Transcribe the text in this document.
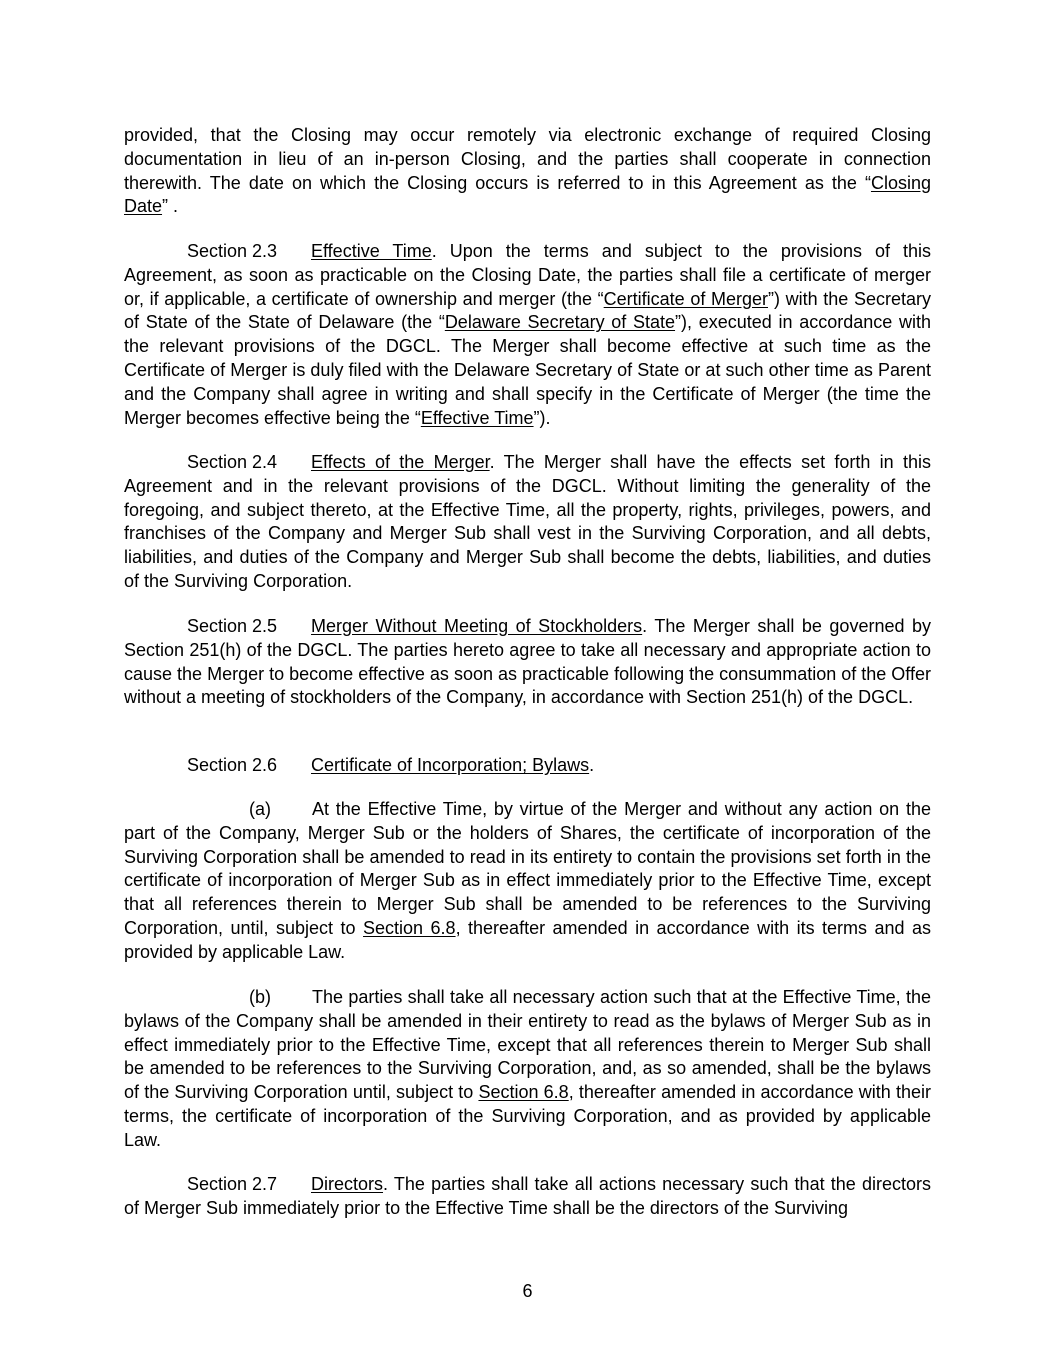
provided, that the Closing may occur remotely via electronic exchange of required Closing documentation in lieu of an in-person Closing, and the parties shall cooperate in connection therewith. The date on which the Closing occurs is referred to in this Agreement as the “Closing Date” .

Section 2.3 Effective Time. Upon the terms and subject to the provisions of this Agreement, as soon as practicable on the Closing Date, the parties shall file a certificate of merger or, if applicable, a certificate of ownership and merger (the “Certificate of Merger”) with the Secretary of State of the State of Delaware (the “Delaware Secretary of State”), executed in accordance with the relevant provisions of the DGCL. The Merger shall become effective at such time as the Certificate of Merger is duly filed with the Delaware Secretary of State or at such other time as Parent and the Company shall agree in writing and shall specify in the Certificate of Merger (the time the Merger becomes effective being the “Effective Time”).

Section 2.4 Effects of the Merger. The Merger shall have the effects set forth in this Agreement and in the relevant provisions of the DGCL. Without limiting the generality of the foregoing, and subject thereto, at the Effective Time, all the property, rights, privileges, powers, and franchises of the Company and Merger Sub shall vest in the Surviving Corporation, and all debts, liabilities, and duties of the Company and Merger Sub shall become the debts, liabilities, and duties of the Surviving Corporation.

Section 2.5 Merger Without Meeting of Stockholders. The Merger shall be governed by Section 251(h) of the DGCL. The parties hereto agree to take all necessary and appropriate action to cause the Merger to become effective as soon as practicable following the consummation of the Offer without a meeting of stockholders of the Company, in accordance with Section 251(h) of the DGCL.

Section 2.6 Certificate of Incorporation; Bylaws.

(a) At the Effective Time, by virtue of the Merger and without any action on the part of the Company, Merger Sub or the holders of Shares, the certificate of incorporation of the Surviving Corporation shall be amended to read in its entirety to contain the provisions set forth in the certificate of incorporation of Merger Sub as in effect immediately prior to the Effective Time, except that all references therein to Merger Sub shall be amended to be references to the Surviving Corporation, until, subject to Section 6.8, thereafter amended in accordance with its terms and as provided by applicable Law.

(b) The parties shall take all necessary action such that at the Effective Time, the bylaws of the Company shall be amended in their entirety to read as the bylaws of Merger Sub as in effect immediately prior to the Effective Time, except that all references therein to Merger Sub shall be amended to be references to the Surviving Corporation, and, as so amended, shall be the bylaws of the Surviving Corporation until, subject to Section 6.8, thereafter amended in accordance with their terms, the certificate of incorporation of the Surviving Corporation, and as provided by applicable Law.

Section 2.7 Directors. The parties shall take all actions necessary such that the directors of Merger Sub immediately prior to the Effective Time shall be the directors of the Surviving

6
